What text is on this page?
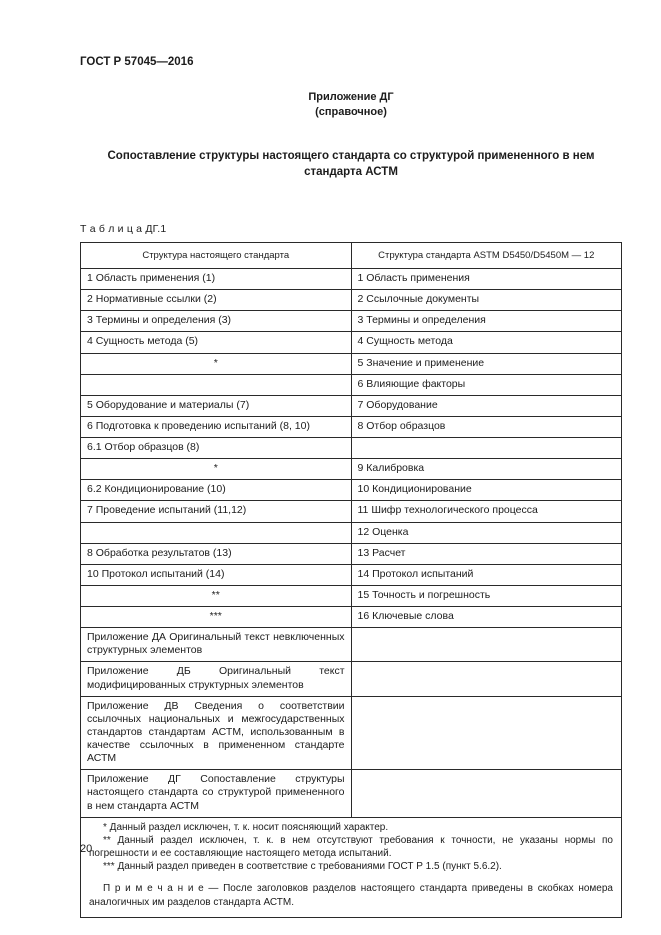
ГОСТ Р 57045—2016
Приложение ДГ
(справочное)
Сопоставление структуры настоящего стандарта со структурой примененного в нем стандарта АСТМ
Т а б л и ц а ДГ.1
Структура настоящего стандарта	Структура стандарта ASTM D5450/D5450M — 12
1 Область применения (1)	1 Область применения
2 Нормативные ссылки (2)	2 Ссылочные документы
3 Термины и определения (3)	3 Термины и определения
4 Сущность метода (5)	4 Сущность метода
*	5 Значение и применение
	6 Влияющие факторы
5 Оборудование и материалы (7)	7 Оборудование
6 Подготовка к проведению испытаний (8, 10)	8 Отбор образцов
6.1 Отбор образцов (8)	
*	9 Калибровка
6.2 Кондиционирование (10)	10 Кондиционирование
7 Проведение испытаний (11,12)	11 Шифр технологического процесса
	12 Оценка
8 Обработка результатов (13)	13 Расчет
10 Протокол испытаний (14)	14 Протокол испытаний
**	15 Точность и погрешность
***	16 Ключевые слова
Приложение ДА Оригинальный текст невключенных структурных элементов	
Приложение ДБ Оригинальный текст модифицированных структурных элементов	
Приложение ДВ Сведения о соответствии ссылочных национальных и межгосударственных стандартов стандартам АСТМ, использованным в качестве ссылочных в примененном стандарте АСТМ	
Приложение ДГ Сопоставление структуры настоящего стандарта со структурой примененного в нем стандарта АСТМ	

* Данный раздел исключен, т. к. носит поясняющий характер.

** Данный раздел исключен, т. к. в нем отсутствуют требования к точности, не указаны нормы по погрешности и ее составляющие настоящего метода испытаний.

*** Данный раздел приведен в соответствие с требованиями ГОСТ Р 1.5 (пункт 5.6.2).

П р и м е ч а н и е — После заголовков разделов настоящего стандарта приведены в скобках номера аналогичных им разделов стандарта АСТМ.	

20
